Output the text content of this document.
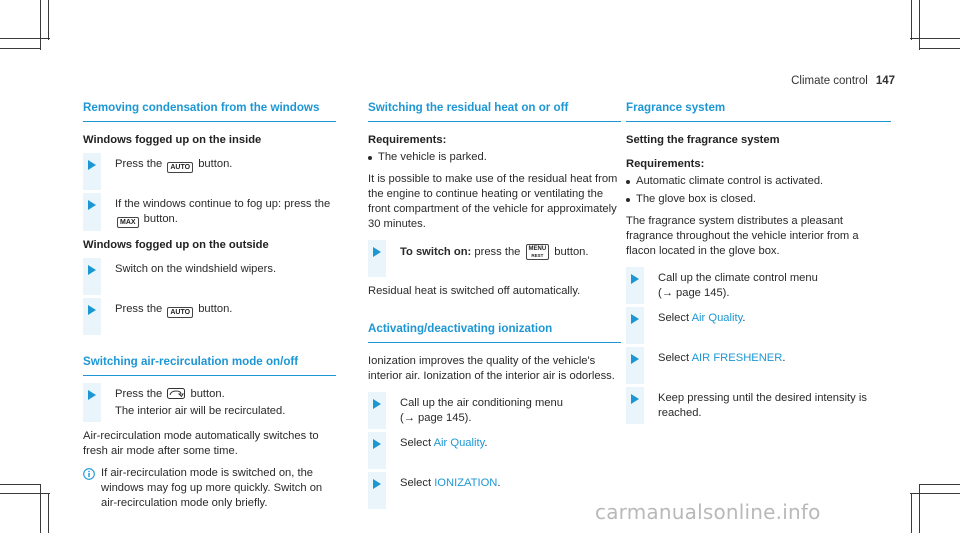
Climate control 147
Removing condensation from the windows
Windows fogged up on the inside
Press the AUTO button.
If the windows continue to fog up: press the
MAX button.
Windows fogged up on the outside
Switch on the windshield wipers.
Press the AUTO button.
Switching air-recirculation mode on/off
Press the  button.
The interior air will be recirculated.

Air-recirculation mode automatically switches to fresh air mode after some time.

If air-recirculation mode is switched on, the windows may fog up more quickly. Switch on air-recirculation mode only briefly.
Switching the residual heat on or off
Requirements:
The vehicle is parked.

It is possible to make use of the residual heat from the engine to continue heating or ventilating the front compartment of the vehicle for approximately 30 minutes.

To switch on: press the MENU
REST button.

Residual heat is switched off automatically.

Activating/deactivating ionization

Ionization improves the quality of the vehicle's interior air. Ionization of the interior air is odorless.

Call up the air conditioning menu
(→ page 145).
Select Air Quality.
Select IONIZATION.
Fragrance system
Setting the fragrance system
Requirements:
Automatic climate control is activated.
The glove box is closed.

The fragrance system distributes a pleasant fragrance throughout the vehicle interior from a flacon located in the glove box.

Call up the climate control menu
(→ page 145).
Select Air Quality.
Select AIR FRESHENER.
Keep pressing until the desired intensity is reached.
carmanualsonline.info
